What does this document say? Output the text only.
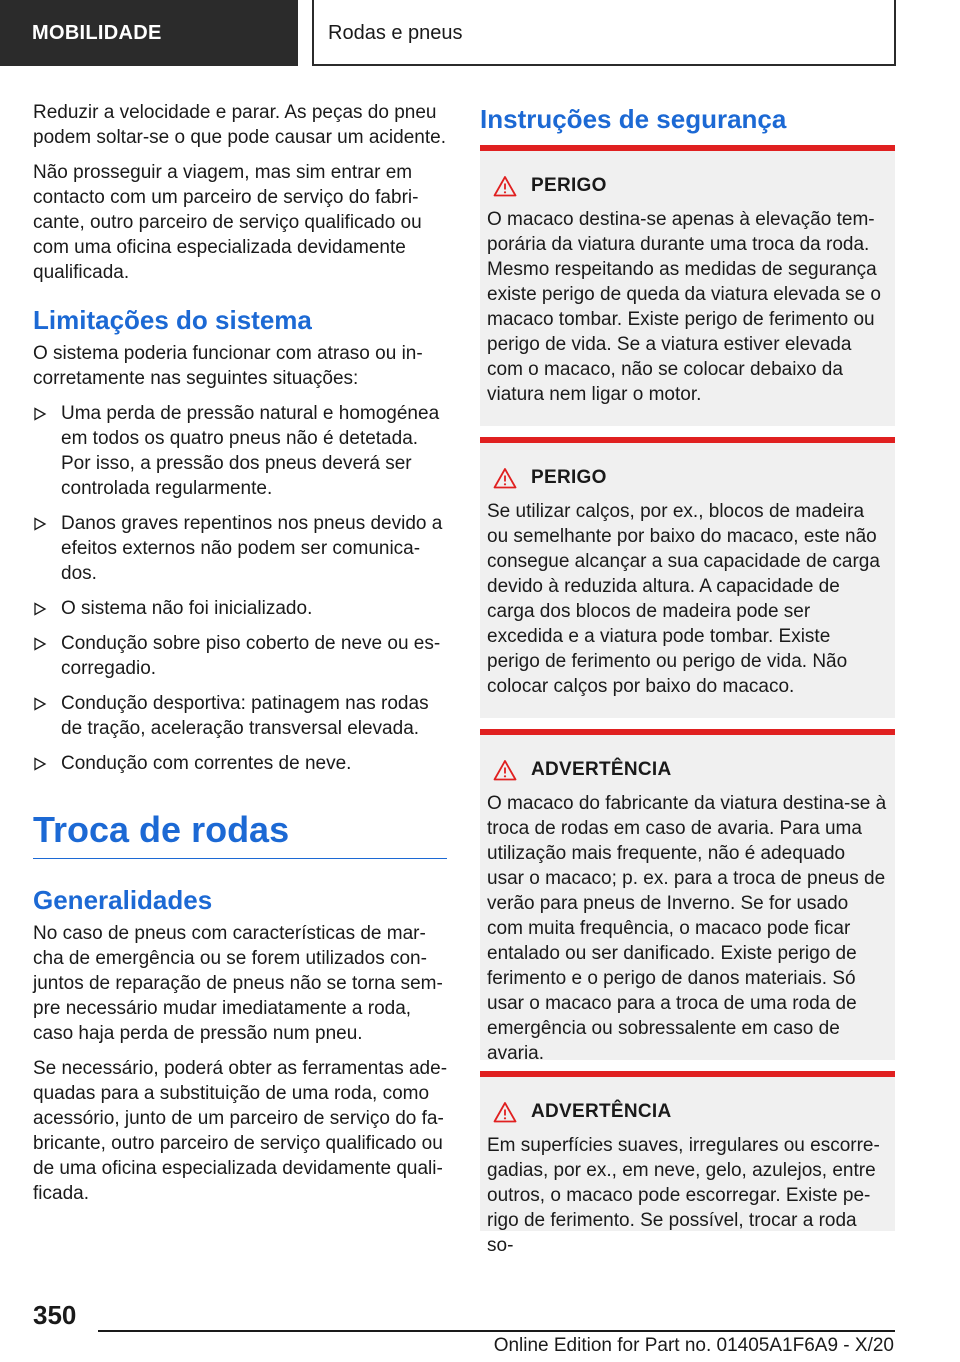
MOBILIDADE	Rodas e pneus

Reduzir a velocidade e parar. As peças do pneu podem soltar-se o que pode causar um acidente.

Não prosseguir a viagem, mas sim entrar em contacto com um parceiro de serviço do fabricante, outro parceiro de serviço qualificado ou com uma oficina especializada devidamente qualificada.

Limitações do sistema

O sistema poderia funcionar com atraso ou incorretamente nas seguintes situações:

Uma perda de pressão natural e homogénea em todos os quatro pneus não é detetada. Por isso, a pressão dos pneus deverá ser controlada regularmente.
Danos graves repentinos nos pneus devido a efeitos externos não podem ser comunicados.
O sistema não foi inicializado.
Condução sobre piso coberto de neve ou escorregadio.
Condução desportiva: patinagem nas rodas de tração, aceleração transversal elevada.
Condução com correntes de neve.
Troca de rodas
Generalidades

No caso de pneus com características de marcha de emergência ou se forem utilizados conjuntos de reparação de pneus não se torna sempre necessário mudar imediatamente a roda, caso haja perda de pressão num pneu.

Se necessário, poderá obter as ferramentas adequadas para a substituição de uma roda, como acessório, junto de um parceiro de serviço do fabricante, outro parceiro de serviço qualificado ou de uma oficina especializada devidamente qualificada.

Instruções de segurança
PERIGO

O macaco destina-se apenas à elevação temporária da viatura durante uma troca da roda. Mesmo respeitando as medidas de segurança existe perigo de queda da viatura elevada se o macaco tombar. Existe perigo de ferimento ou perigo de vida. Se a viatura estiver elevada com o macaco, não se colocar debaixo da viatura nem ligar o motor.

PERIGO

Se utilizar calços, por ex., blocos de madeira ou semelhante por baixo do macaco, este não consegue alcançar a sua capacidade de carga devido à reduzida altura. A capacidade de carga dos blocos de madeira pode ser excedida e a viatura pode tombar. Existe perigo de ferimento ou perigo de vida. Não colocar calços por baixo do macaco.

ADVERTÊNCIA

O macaco do fabricante da viatura destina-se à troca de rodas em caso de avaria. Para uma utilização mais frequente, não é adequado usar o macaco; p. ex. para a troca de pneus de verão para pneus de Inverno. Se for usado com muita frequência, o macaco pode ficar entalado ou ser danificado. Existe perigo de ferimento e o perigo de danos materiais. Só usar o macaco para a troca de uma roda de emergência ou sobressalente em caso de avaria.

ADVERTÊNCIA

Em superfícies suaves, irregulares ou escorregadias, por ex., em neve, gelo, azulejos, entre outros, o macaco pode escorregar. Existe perigo de ferimento. Se possível, trocar a roda so-

350
Online Edition for Part no. 01405A1F6A9 - X/20
